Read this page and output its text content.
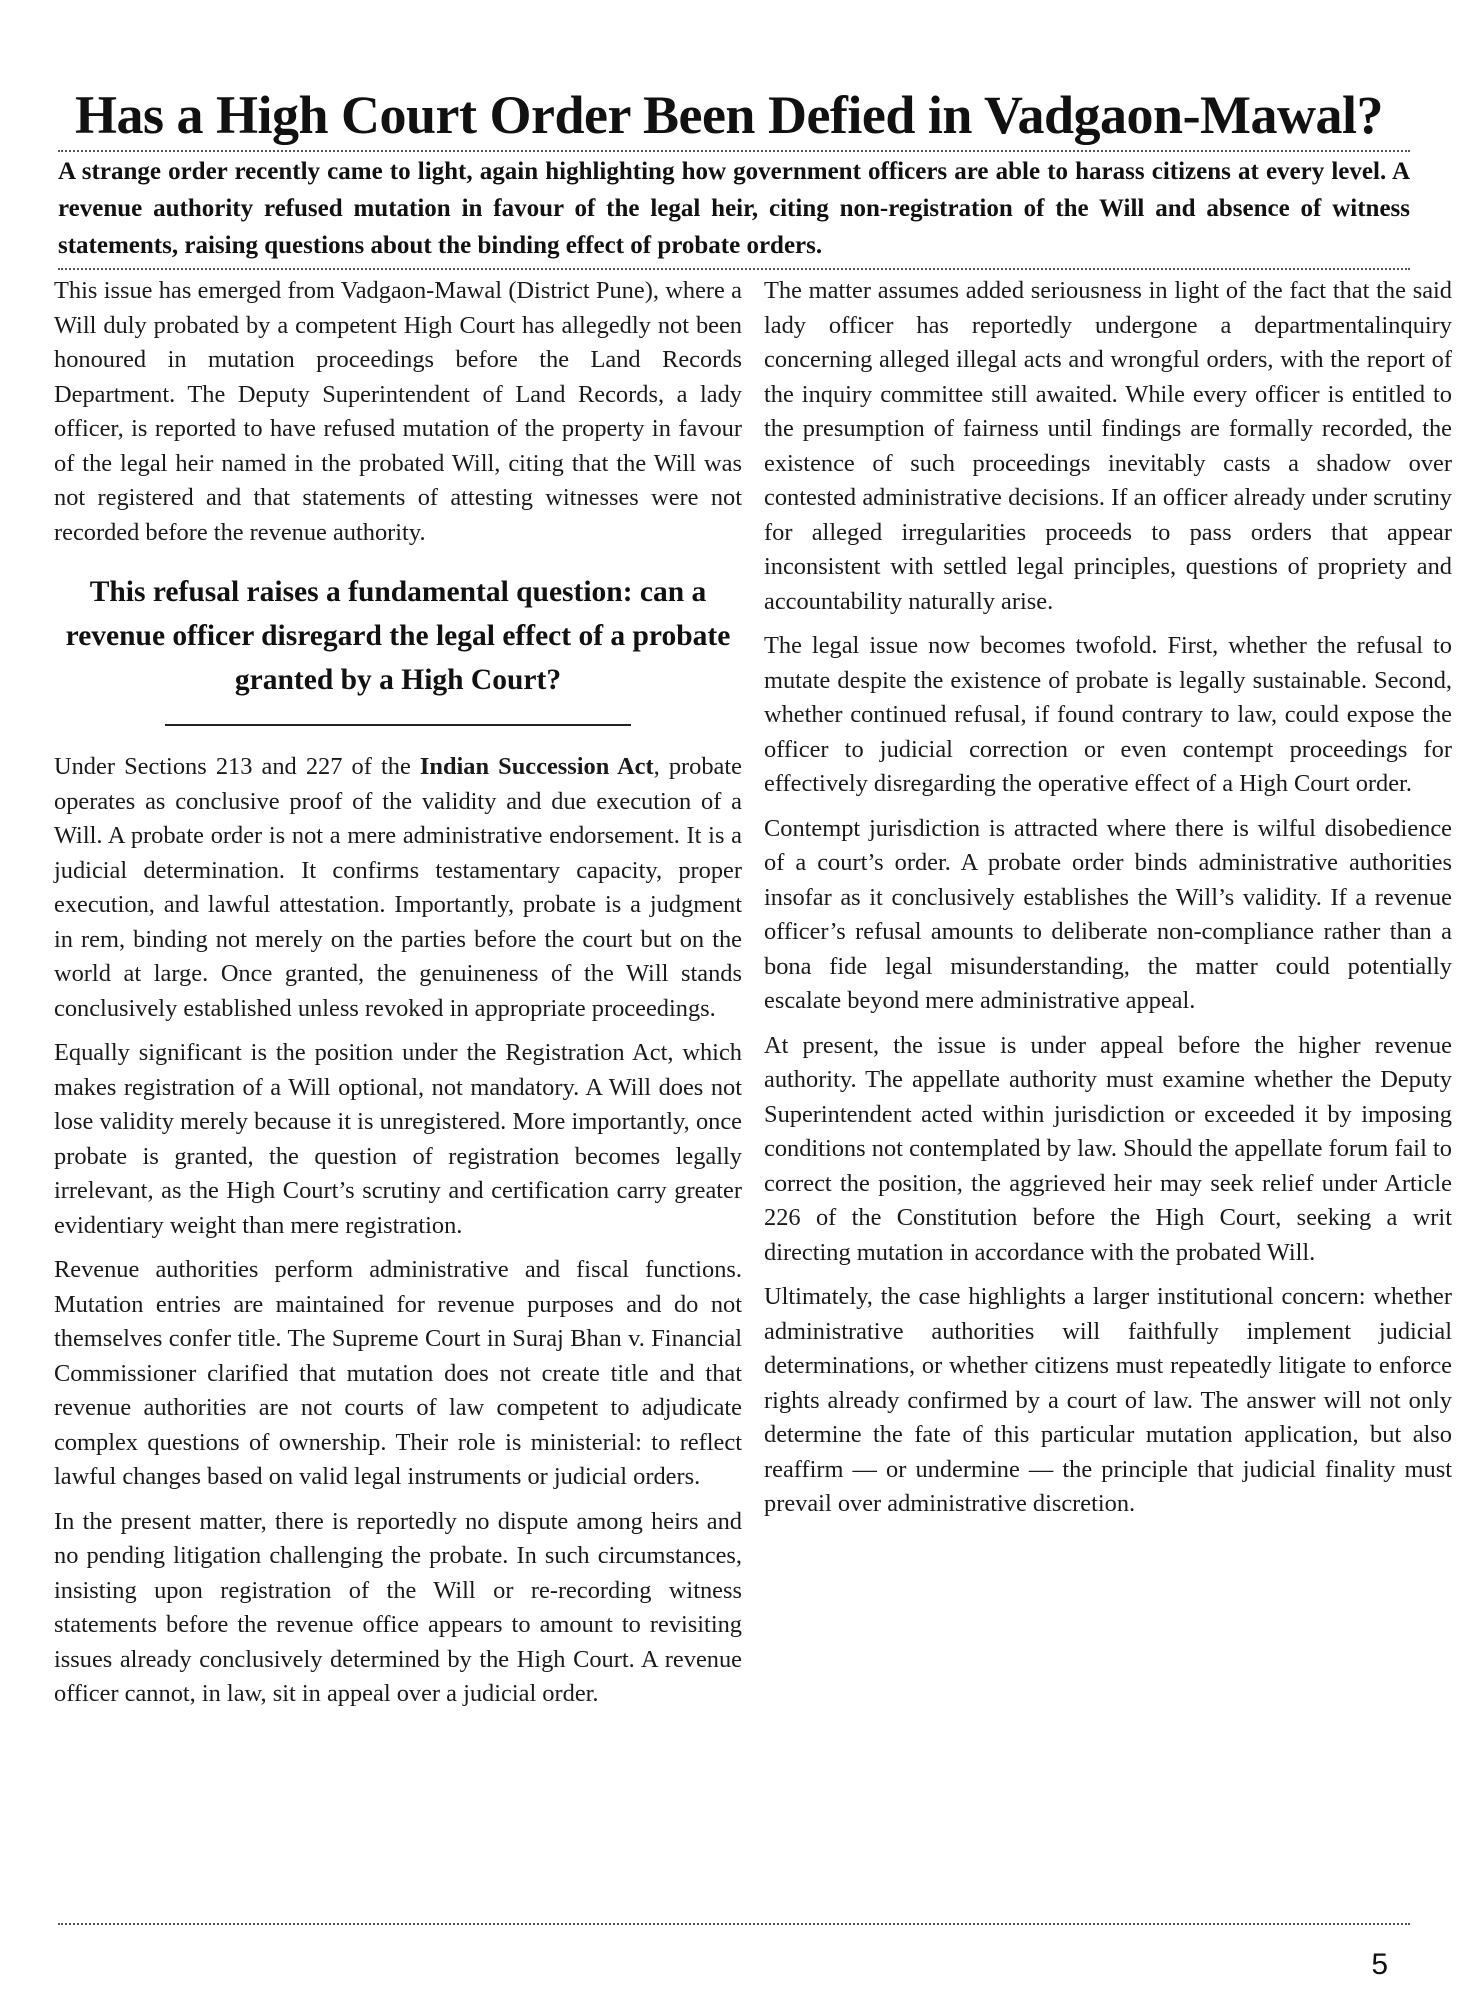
Has a High Court Order Been Defied in Vadgaon-Mawal?

A strange order recently came to light, again highlighting how government officers are able to harass citizens at every level. A revenue authority refused mutation in favour of the legal heir, citing non-registration of the Will and absence of witness statements, raising questions about the binding effect of probate orders.

This issue has emerged from Vadgaon-Mawal (District Pune), where a Will duly probated by a competent High Court has allegedly not been honoured in mutation proceedings before the Land Records Department. The Deputy Superintendent of Land Records, a lady officer, is reported to have refused mutation of the property in favour of the legal heir named in the probated Will, citing that the Will was not registered and that statements of attesting witnesses were not recorded before the revenue authority.

This refusal raises a fundamental question: can a revenue officer disregard the legal effect of a probate granted by a High Court?

Under Sections 213 and 227 of the Indian Succession Act, probate operates as conclusive proof of the validity and due execution of a Will. A probate order is not a mere administrative endorsement. It is a judicial determination. It confirms testamentary capacity, proper execution, and lawful attestation. Importantly, probate is a judgment in rem, binding not merely on the parties before the court but on the world at large. Once granted, the genuineness of the Will stands conclusively established unless revoked in appropriate proceedings.

Equally significant is the position under the Registration Act, which makes registration of a Will optional, not mandatory. A Will does not lose validity merely because it is unregistered. More importantly, once probate is granted, the question of registration becomes legally irrelevant, as the High Court’s scrutiny and certification carry greater evidentiary weight than mere registration.

Revenue authorities perform administrative and fiscal functions. Mutation entries are maintained for revenue purposes and do not themselves confer title. The Supreme Court in Suraj Bhan v. Financial Commissioner clarified that mutation does not create title and that revenue authorities are not courts of law competent to adjudicate complex questions of ownership. Their role is ministerial: to reflect lawful changes based on valid legal instruments or judicial orders.

In the present matter, there is reportedly no dispute among heirs and no pending litigation challenging the probate. In such circumstances, insisting upon registration of the Will or re-recording witness statements before the revenue office appears to amount to revisiting issues already conclusively determined by the High Court. A revenue officer cannot, in law, sit in appeal over a judicial order.

The matter assumes added seriousness in light of the fact that the said lady officer has reportedly undergone a departmentalinquiry concerning alleged illegal acts and wrongful orders, with the report of the inquiry committee still awaited. While every officer is entitled to the presumption of fairness until findings are formally recorded, the existence of such proceedings inevitably casts a shadow over contested administrative decisions. If an officer already under scrutiny for alleged irregularities proceeds to pass orders that appear inconsistent with settled legal principles, questions of propriety and accountability naturally arise.

The legal issue now becomes twofold. First, whether the refusal to mutate despite the existence of probate is legally sustainable. Second, whether continued refusal, if found contrary to law, could expose the officer to judicial correction or even contempt proceedings for effectively disregarding the operative effect of a High Court order.

Contempt jurisdiction is attracted where there is wilful disobedience of a court’s order. A probate order binds administrative authorities insofar as it conclusively establishes the Will’s validity. If a revenue officer’s refusal amounts to deliberate non-compliance rather than a bona fide legal misunderstanding, the matter could potentially escalate beyond mere administrative appeal.

At present, the issue is under appeal before the higher revenue authority. The appellate authority must examine whether the Deputy Superintendent acted within jurisdiction or exceeded it by imposing conditions not contemplated by law. Should the appellate forum fail to correct the position, the aggrieved heir may seek relief under Article 226 of the Constitution before the High Court, seeking a writ directing mutation in accordance with the probated Will.

Ultimately, the case highlights a larger institutional concern: whether administrative authorities will faithfully implement judicial determinations, or whether citizens must repeatedly litigate to enforce rights already confirmed by a court of law. The answer will not only determine the fate of this particular mutation application, but also reaffirm — or undermine — the principle that judicial finality must prevail over administrative discretion.

5
